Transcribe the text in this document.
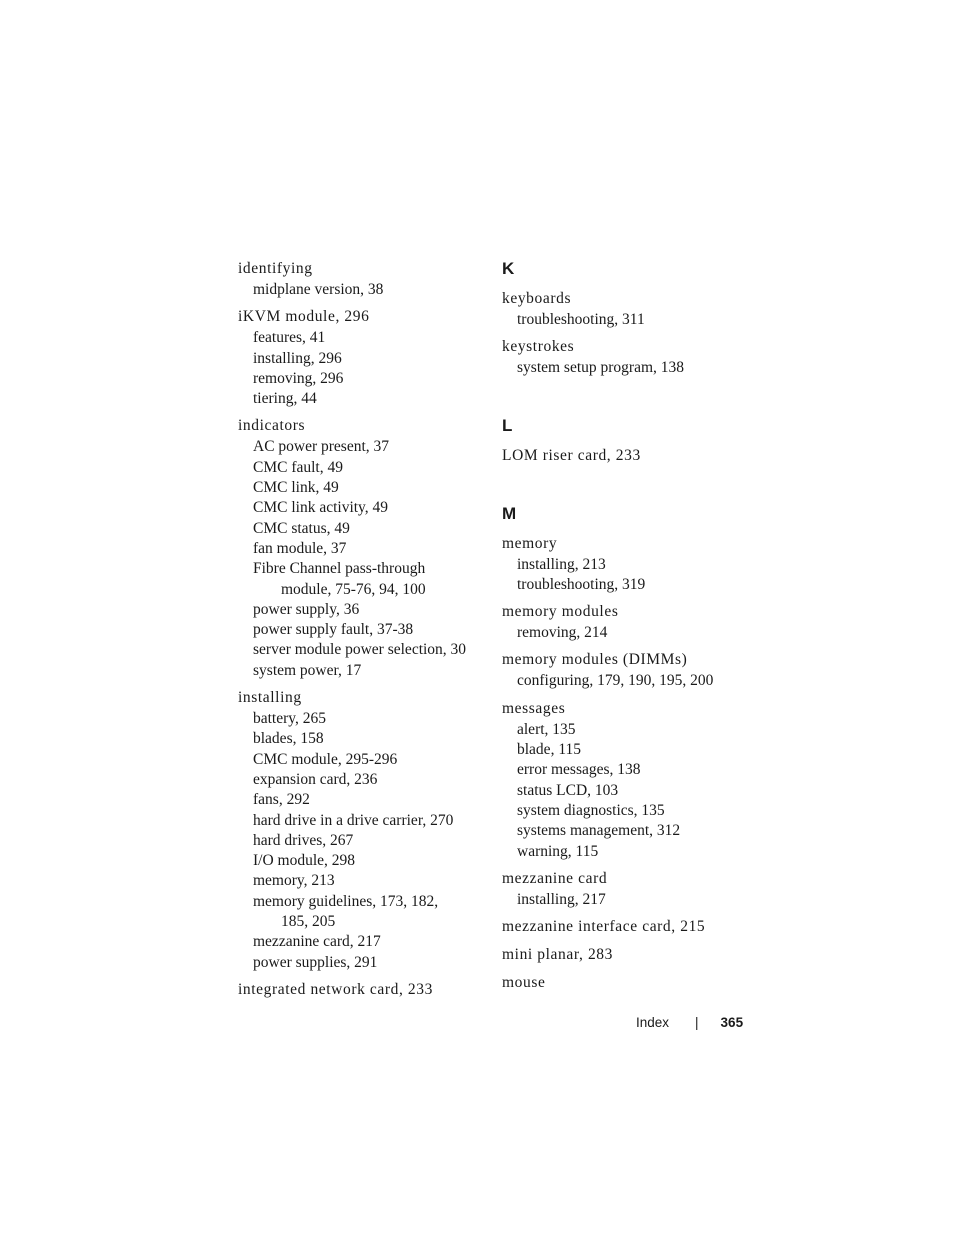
identifying
midplane version, 38
iKVM module, 296
features, 41
installing, 296
removing, 296
tiering, 44
indicators
AC power present, 37
CMC fault, 49
CMC link, 49
CMC link activity, 49
CMC status, 49
fan module, 37
Fibre Channel pass-through
module, 75-76, 94, 100
power supply, 36
power supply fault, 37-38
server module power selection, 30
system power, 17
installing
battery, 265
blades, 158
CMC module, 295-296
expansion card, 236
fans, 292
hard drive in a drive carrier, 270
hard drives, 267
I/O module, 298
memory, 213
memory guidelines, 173, 182,
185, 205
mezzanine card, 217
power supplies, 291
integrated network card, 233
K
keyboards
troubleshooting, 311
keystrokes
system setup program, 138
L
LOM riser card, 233
M
memory
installing, 213
troubleshooting, 319
memory modules
removing, 214
memory modules (DIMMs)
configuring, 179, 190, 195, 200
messages
alert, 135
blade, 115
error messages, 138
status LCD, 103
system diagnostics, 135
systems management, 312
warning, 115
mezzanine card
installing, 217
mezzanine interface card, 215
mini planar, 283
mouse
Index | 365
